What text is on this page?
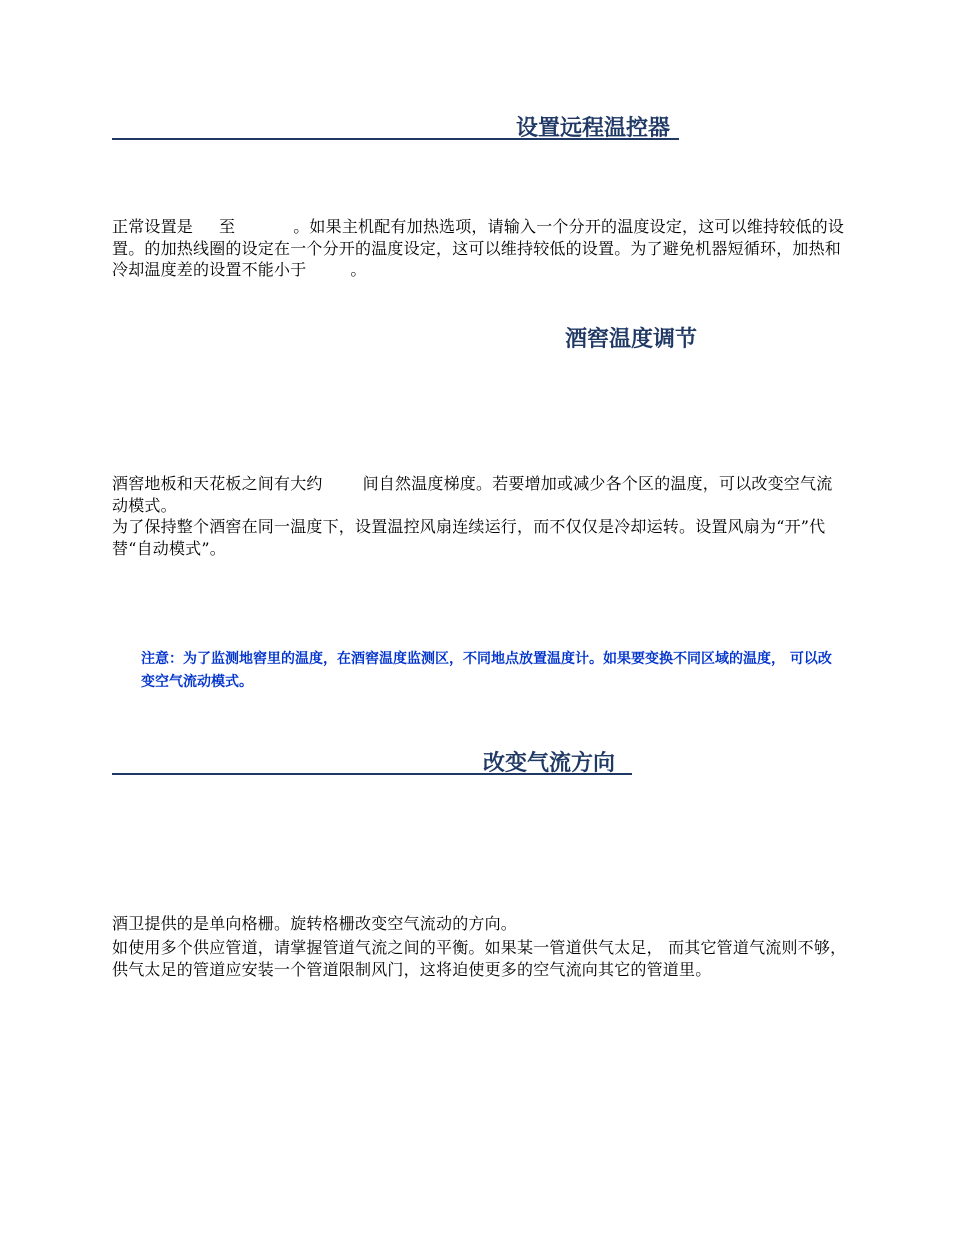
设置远程温控器

正常设置是 至	。如果主机配有加热选项，请输入一个分开的温度设定，这可以维持较低的设置。的加热线圈的设定在一个分开的温度设定，这可以维持较低的设置。为了避免机器短循环，加热和冷却温度差的设置不能小于	。

酒窖温度调节

酒窖地板和天花板之间有大约	间自然温度梯度。若要增加或减少各个区的温度，可以改变空气流动模式。

为了保持整个酒窖在同一温度下，设置温控风扇连续运行，而不仅仅是冷却运转。设置风扇为“开”代替“自动模式”。

注意：为了监测地窖里的温度，在酒窖温度监测区，不同地点放置温度计。如果要变换不同区域的温度， 可以改变空气流动模式。

改变气流方向

酒卫提供的是单向格栅。旋转格栅改变空气流动的方向。

如使用多个供应管道，请掌握管道气流之间的平衡。如果某一管道供气太足， 而其它管道气流则不够，供气太足的管道应安装一个管道限制风门，这将迫使更多的空气流向其它的管道里。
